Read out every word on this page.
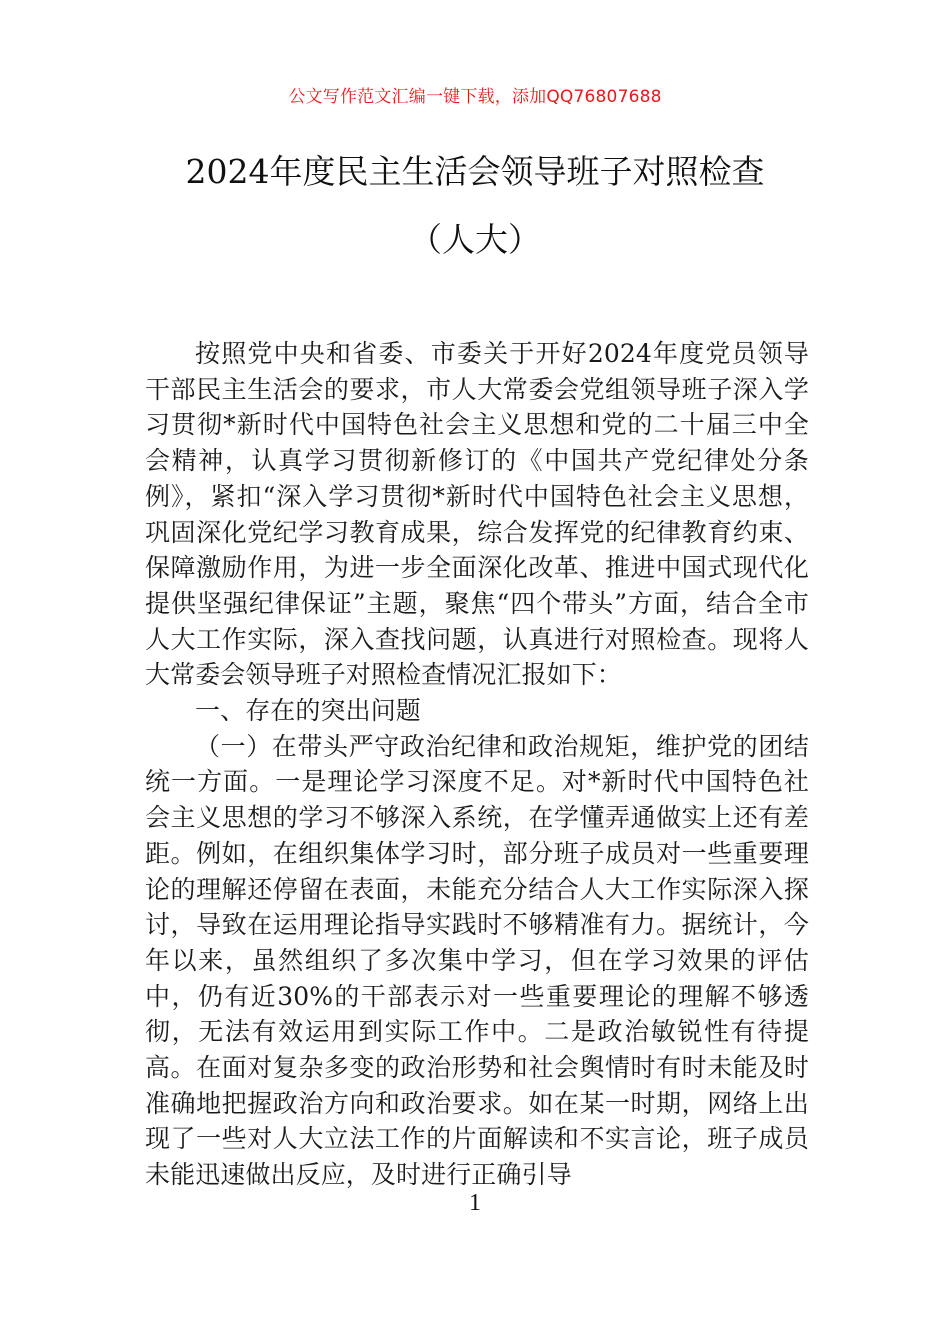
公文写作范文汇编一键下载，添加QQ76807688
2024年度民主生活会领导班子对照检查
（人大）

按照党中央和省委、市委关于开好2024年度党员领导干部民主生活会的要求，市人大常委会党组领导班子深入学习贯彻*新时代中国特色社会主义思想和党的二十届三中全会精神，认真学习贯彻新修订的《中国共产党纪律处分条例》，紧扣“深入学习贯彻*新时代中国特色社会主义思想，巩固深化党纪学习教育成果，综合发挥党的纪律教育约束、保障激励作用，为进一步全面深化改革、推进中国式现代化提供坚强纪律保证”主题，聚焦“四个带头”方面，结合全市人大工作实际，深入查找问题，认真进行对照检查。现将人大常委会领导班子对照检查情况汇报如下：

一、存在的突出问题

（一）在带头严守政治纪律和政治规矩，维护党的团结统一方面。一是理论学习深度不足。对*新时代中国特色社会主义思想的学习不够深入系统，在学懂弄通做实上还有差距。例如，在组织集体学习时，部分班子成员对一些重要理论的理解还停留在表面，未能充分结合人大工作实际深入探讨，导致在运用理论指导实践时不够精准有力。据统计，今年以来，虽然组织了多次集中学习，但在学习效果的评估中，仍有近30%的干部表示对一些重要理论的理解不够透彻，无法有效运用到实际工作中。二是政治敏锐性有待提高。在面对复杂多变的政治形势和社会舆情时有时未能及时准确地把握政治方向和政治要求。如在某一时期，网络上出现了一些对人大立法工作的片面解读和不实言论，班子成员未能迅速做出反应，及时进行正确引导

1
